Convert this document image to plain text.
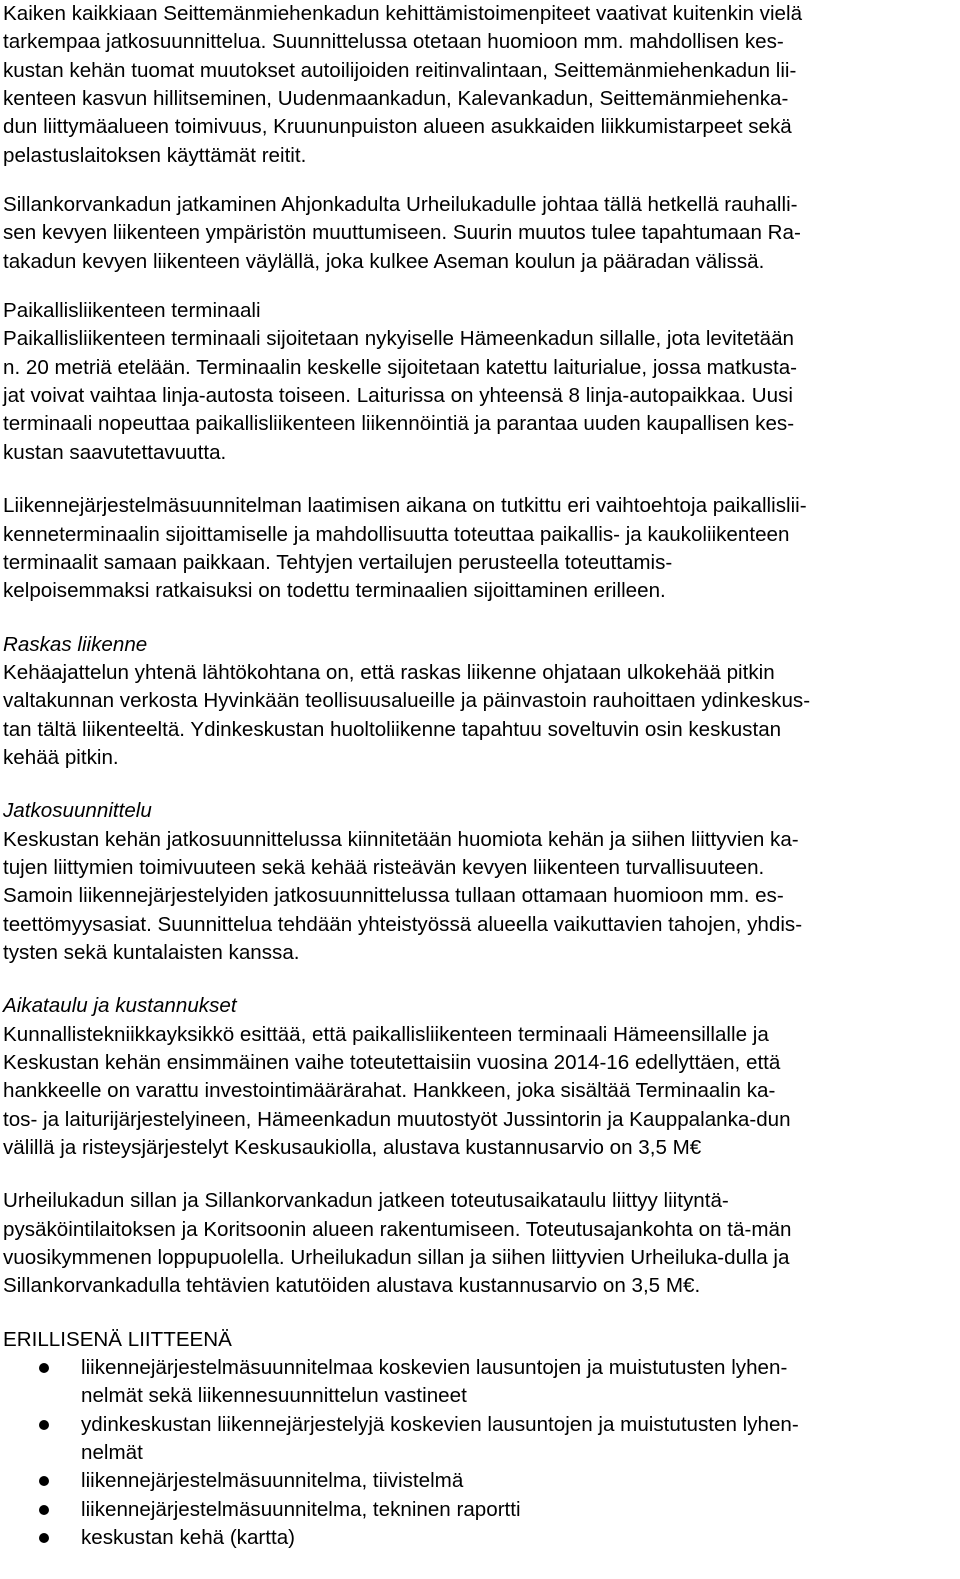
Kaiken kaikkiaan Seittemänmiehenkadun kehittämistoimenpiteet vaativat kuitenkin vielä
tarkempaa jatkosuunnittelua. Suunnittelussa otetaan huomioon mm. mahdollisen kes-
kustan kehän tuomat muutokset autoilijoiden reitinvalintaan, Seittemänmiehenkadun lii-
kenteen kasvun hillitseminen, Uudenmaankadun, Kalevankadun, Seittemänmiehenka-
dun liittymäalueen toimivuus, Kruununpuiston alueen asukkaiden liikkumistarpeet sekä
pelastuslaitoksen käyttämät reitit.
Sillankorvankadun jatkaminen Ahjonkadulta Urheilukadulle johtaa tällä hetkellä rauhalli-
sen kevyen liikenteen ympäristön muuttumiseen. Suurin muutos tulee tapahtumaan Ra-
takadun kevyen liikenteen väylällä, joka kulkee Aseman koulun ja pääradan välissä.
Paikallisliikenteen terminaali
Paikallisliikenteen terminaali sijoitetaan nykyiselle Hämeenkadun sillalle, jota levitetään
n. 20 metriä etelään. Terminaalin keskelle sijoitetaan katettu laiturialue, jossa matkusta-
jat voivat vaihtaa linja-autosta toiseen. Laiturissa on yhteensä 8 linja-autopaikkaa. Uusi
terminaali nopeuttaa paikallisliikenteen liikennöintiä ja parantaa uuden kaupallisen kes-
kustan saavutettavuutta.
Liikennejärjestelmäsuunnitelman laatimisen aikana on tutkittu eri vaihtoehtoja paikallislii-
kenneterminaalin sijoittamiselle ja mahdollisuutta toteuttaa paikallis- ja kaukoliikenteen
terminaalit samaan paikkaan. Tehtyjen vertailujen perusteella toteuttamis-
kelpoisemmaksi ratkaisuksi on todettu terminaalien sijoittaminen erilleen.
Raskas liikenne
Kehäajattelun yhtenä lähtökohtana on, että raskas liikenne ohjataan ulkokehää pitkin
valtakunnan verkosta Hyvinkään teollisuusalueille ja päinvastoin rauhoittaen ydinkeskus-
tan tältä liikenteeltä. Ydinkeskustan huoltoliikenne tapahtuu soveltuvin osin keskustan
kehää pitkin.
Jatkosuunnittelu
Keskustan kehän jatkosuunnittelussa kiinnitetään huomiota kehän ja siihen liittyvien ka-
tujen liittymien toimivuuteen sekä kehää risteävän kevyen liikenteen turvallisuuteen.
Samoin liikennejärjestelyiden jatkosuunnittelussa tullaan ottamaan huomioon mm. es-
teettömyysasiat. Suunnittelua tehdään yhteistyössä alueella vaikuttavien tahojen, yhdis-
tysten sekä kuntalaisten kanssa.
Aikataulu ja kustannukset
Kunnallistekniikkayksikkö esittää, että paikallisliikenteen terminaali Hämeensillalle ja
Keskustan kehän ensimmäinen vaihe toteutettaisiin vuosina 2014-16 edellyttäen, että
hankkeelle on varattu investointimäärärahat. Hankkeen, joka sisältää Terminaalin ka-
tos- ja laiturijärjestelyineen, Hämeenkadun muutostyöt Jussintorin ja Kauppalanka-dun
välillä ja risteysjärjestelyt Keskusaukiolla, alustava kustannusarvio on 3,5 M€
Urheilukadun sillan ja Sillankorvankadun jatkeen toteutusaikataulu liittyy liityntä-
pysäköintilaitoksen ja Koritsoonin alueen rakentumiseen. Toteutusajankohta on tä-män
vuosikymmenen loppupuolella. Urheilukadun sillan ja siihen liittyvien Urheiluka-dulla ja
Sillankorvankadulla tehtävien katutöiden alustava kustannusarvio on 3,5 M€.
ERILLISENÄ LIITTEENÄ
liikennejärjestelmäsuunnitelmaa koskevien lausuntojen ja muistutusten lyhen-
nelmät sekä liikennesuunnittelun vastineet
ydinkeskustan liikennejärjestelyjä koskevien lausuntojen ja muistutusten lyhen-
nelmät
liikennejärjestelmäsuunnitelma, tiivistelmä
liikennejärjestelmäsuunnitelma, tekninen raportti
keskustan kehä (kartta)
